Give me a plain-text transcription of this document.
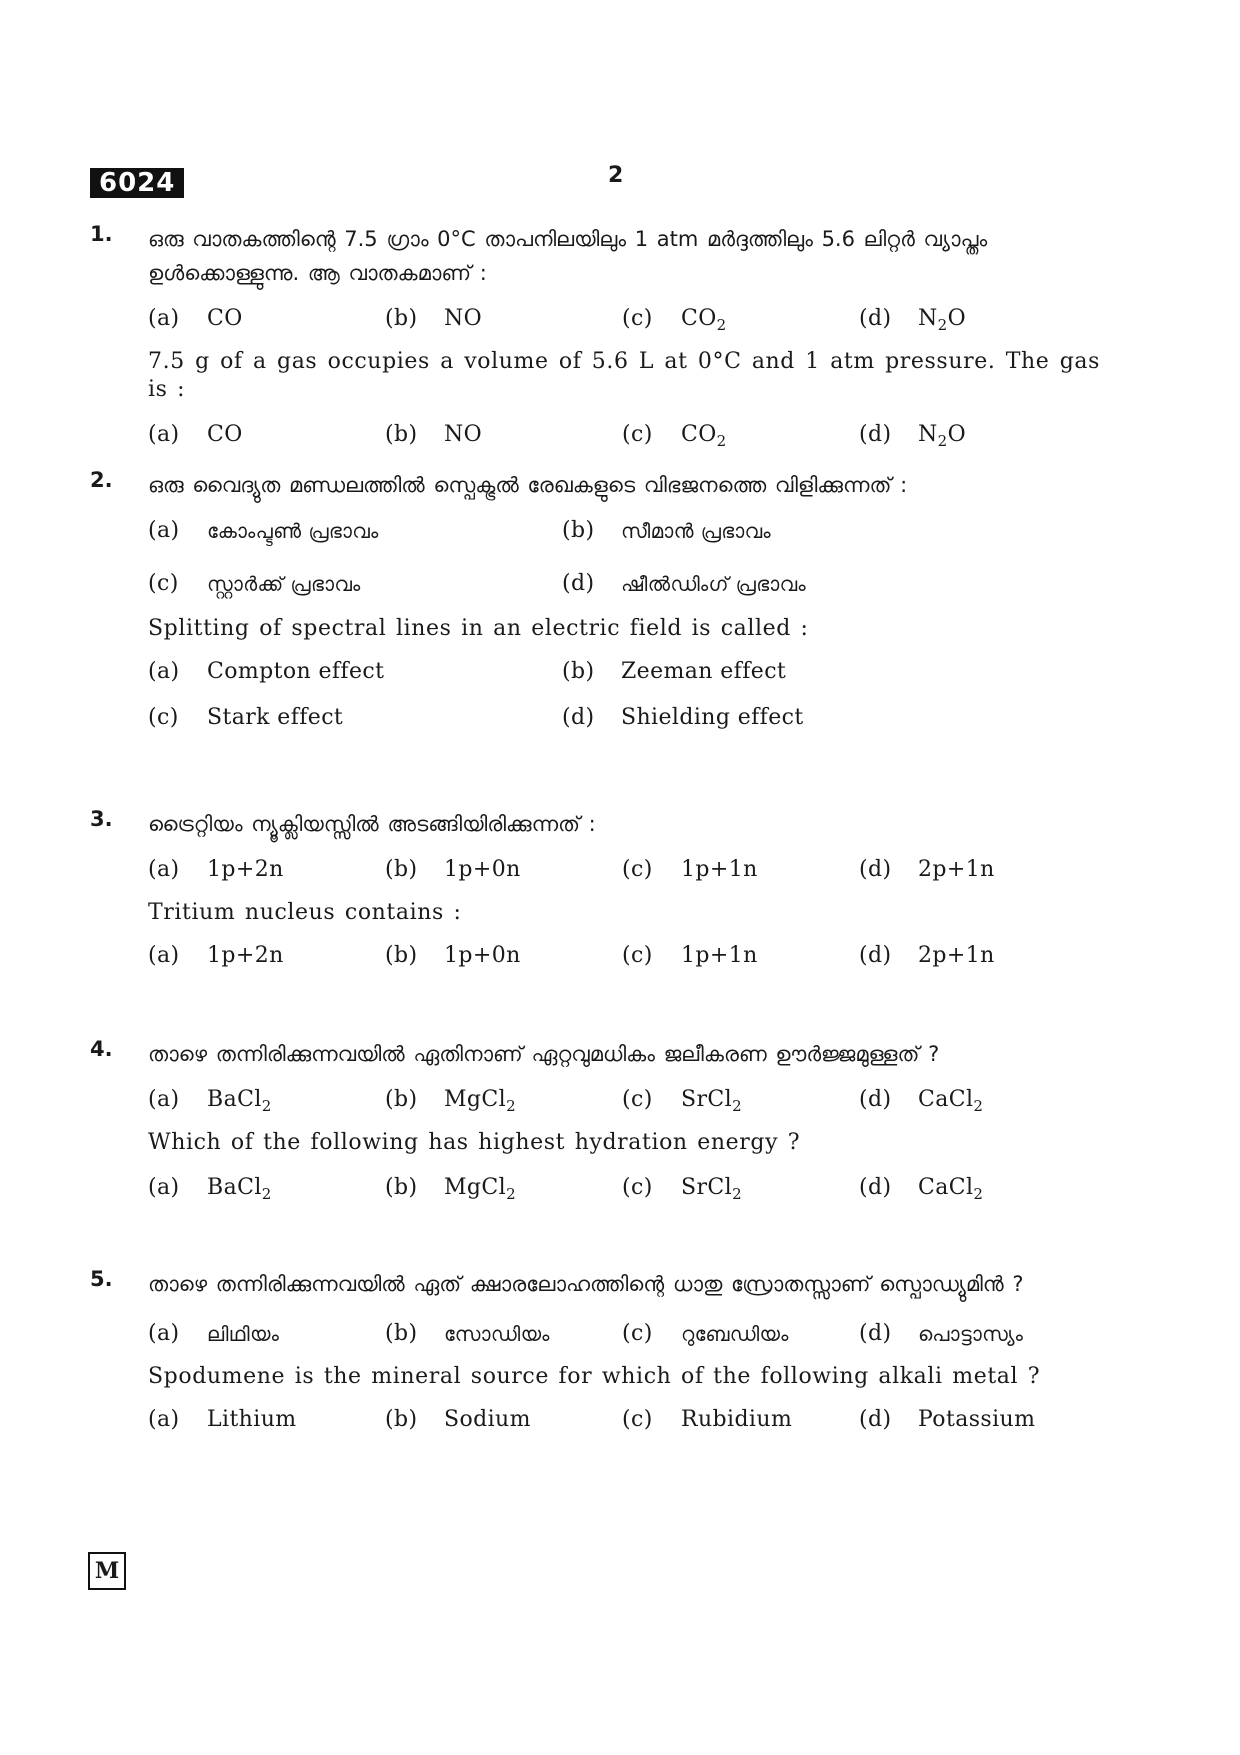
6024	2
1. ഒരു വാതകത്തിന്റെ 7.5 ഗ്രാം 0°C താപനിലയിലും 1 atm മർദ്ദത്തിലും 5.6 ലിറ്റർ വ്യാപ്തം ഉൾക്കൊള്ളുന്നു. ആ വാതകമാണ് :
(a)	CO	(b)	NO	(c)	$CO_2$	(d)	$N_2O$
7.5 g of a gas occupies a volume of 5.6 L at 0°C and 1 atm pressure. The gas is :
(a)	CO	(b)	NO	(c)	$CO_2$	(d)	$N_2O$
2. ഒരു വൈദ്യുത മണ്ഡലത്തിൽ സ്പെക്ട്രൽ രേഖകളുടെ വിഭജനത്തെ വിളിക്കുന്നത് :
(a)	കോംപ്ടൺ പ്രഭാവം	(b)	സീമാൻ പ്രഭാവം
(c)	സ്റ്റാർക്ക് പ്രഭാവം	(d)	ഷീൽഡിംഗ് പ്രഭാവം
Splitting of spectral lines in an electric field is called :
(a)	Compton effect	(b)	Zeeman effect
(c)	Stark effect	(d)	Shielding effect
3. ട്രൈറ്റിയം ന്യൂക്ലിയസ്സിൽ അടങ്ങിയിരിക്കുന്നത് :
(a)	1p+2n	(b)	1p+0n	(c)	1p+1n	(d)	2p+1n
Tritium nucleus contains :
(a)	1p+2n	(b)	1p+0n	(c)	1p+1n	(d)	2p+1n
4. താഴെ തന്നിരിക്കുന്നവയിൽ ഏതിനാണ് ഏറ്റവുമധികം ജലീകരണ ഊർജ്ജമുള്ളത് ?
(a)	BaCl$_2$	(b)	MgCl$_2$	(c)	SrCl$_2$	(d)	CaCl$_2$
Which of the following has highest hydration energy ?
(a)	BaCl$_2$	(b)	MgCl$_2$	(c)	SrCl$_2$	(d)	CaCl$_2$
5. താഴെ തന്നിരിക്കുന്നവയിൽ ഏത് ക്ഷാരലോഹത്തിന്റെ ധാതു സ്രോതസ്സാണ് സ്പൊഡ്യുമിൻ ?
(a)	ലിഥിയം	(b)	സോഡിയം	(c)	റുബേഡിയം	(d)	പൊട്ടാസ്യം
Spodumene is the mineral source for which of the following alkali metal ?
(a)	Lithium	(b)	Sodium	(c)	Rubidium	(d)	Potassium
M
